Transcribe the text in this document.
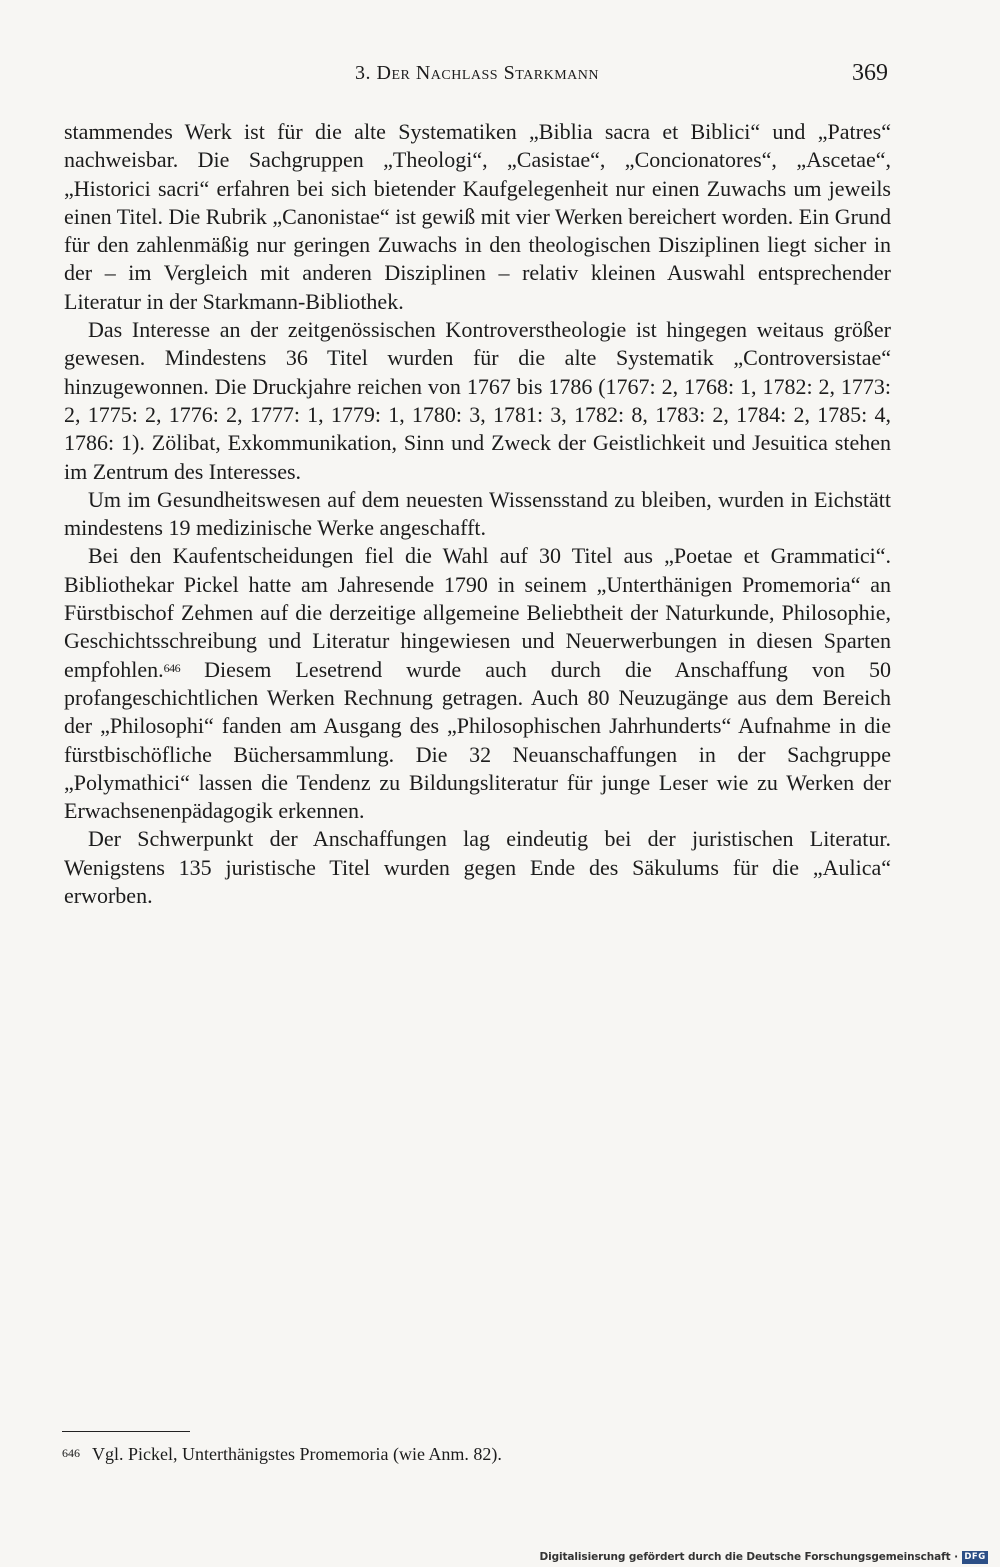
3. Der Nachlass Starkmann	369

stammendes Werk ist für die alte Systematiken „Biblia sacra et Biblici“ und „Patres“ nachweisbar. Die Sachgruppen „Theologi“, „Casistae“, „Concionatores“, „Ascetae“, „Historici sacri“ erfahren bei sich bietender Kaufgelegenheit nur einen Zuwachs um jeweils einen Titel. Die Rubrik „Canonistae“ ist gewiß mit vier Werken bereichert worden. Ein Grund für den zahlenmäßig nur geringen Zuwachs in den theologischen Disziplinen liegt sicher in der – im Vergleich mit anderen Disziplinen – relativ kleinen Auswahl entsprechender Literatur in der Starkmann-Bibliothek.

Das Interesse an der zeitgenössischen Kontroverstheologie ist hingegen weitaus größer gewesen. Mindestens 36 Titel wurden für die alte Systematik „Controversistae“ hinzugewonnen. Die Druckjahre reichen von 1767 bis 1786 (1767: 2, 1768: 1, 1782: 2, 1773: 2, 1775: 2, 1776: 2, 1777: 1, 1779: 1, 1780: 3, 1781: 3, 1782: 8, 1783: 2, 1784: 2, 1785: 4, 1786: 1). Zölibat, Exkommunikation, Sinn und Zweck der Geistlichkeit und Jesuitica stehen im Zentrum des Interesses.

Um im Gesundheitswesen auf dem neuesten Wissensstand zu bleiben, wurden in Eichstätt mindestens 19 medizinische Werke angeschafft.

Bei den Kaufentscheidungen fiel die Wahl auf 30 Titel aus „Poetae et Grammatici“. Bibliothekar Pickel hatte am Jahresende 1790 in seinem „Unterthänigen Promemoria“ an Fürstbischof Zehmen auf die derzeitige allgemeine Beliebtheit der Naturkunde, Philosophie, Geschichtsschreibung und Literatur hingewiesen und Neuerwerbungen in diesen Sparten empfohlen.$^{646}$ Diesem Lesetrend wurde auch durch die Anschaffung von 50 profangeschichtlichen Werken Rechnung getragen. Auch 80 Neuzugänge aus dem Bereich der „Philosophi“ fanden am Ausgang des „Philosophischen Jahrhunderts“ Aufnahme in die fürstbischöfliche Büchersammlung. Die 32 Neuanschaffungen in der Sachgruppe „Polymathici“ lassen die Tendenz zu Bildungsliteratur für junge Leser wie zu Werken der Erwachsenenpädagogik erkennen.

Der Schwerpunkt der Anschaffungen lag eindeutig bei der juristischen Literatur. Wenigstens 135 juristische Titel wurden gegen Ende des Säkulums für die „Aulica“ erworben.

$^{646}$ Vgl. Pickel, Unterthänigstes Promemoria (wie Anm. 82).
Digitalisierung gefördert durch die Deutsche Forschungsgemeinschaft · DFG
